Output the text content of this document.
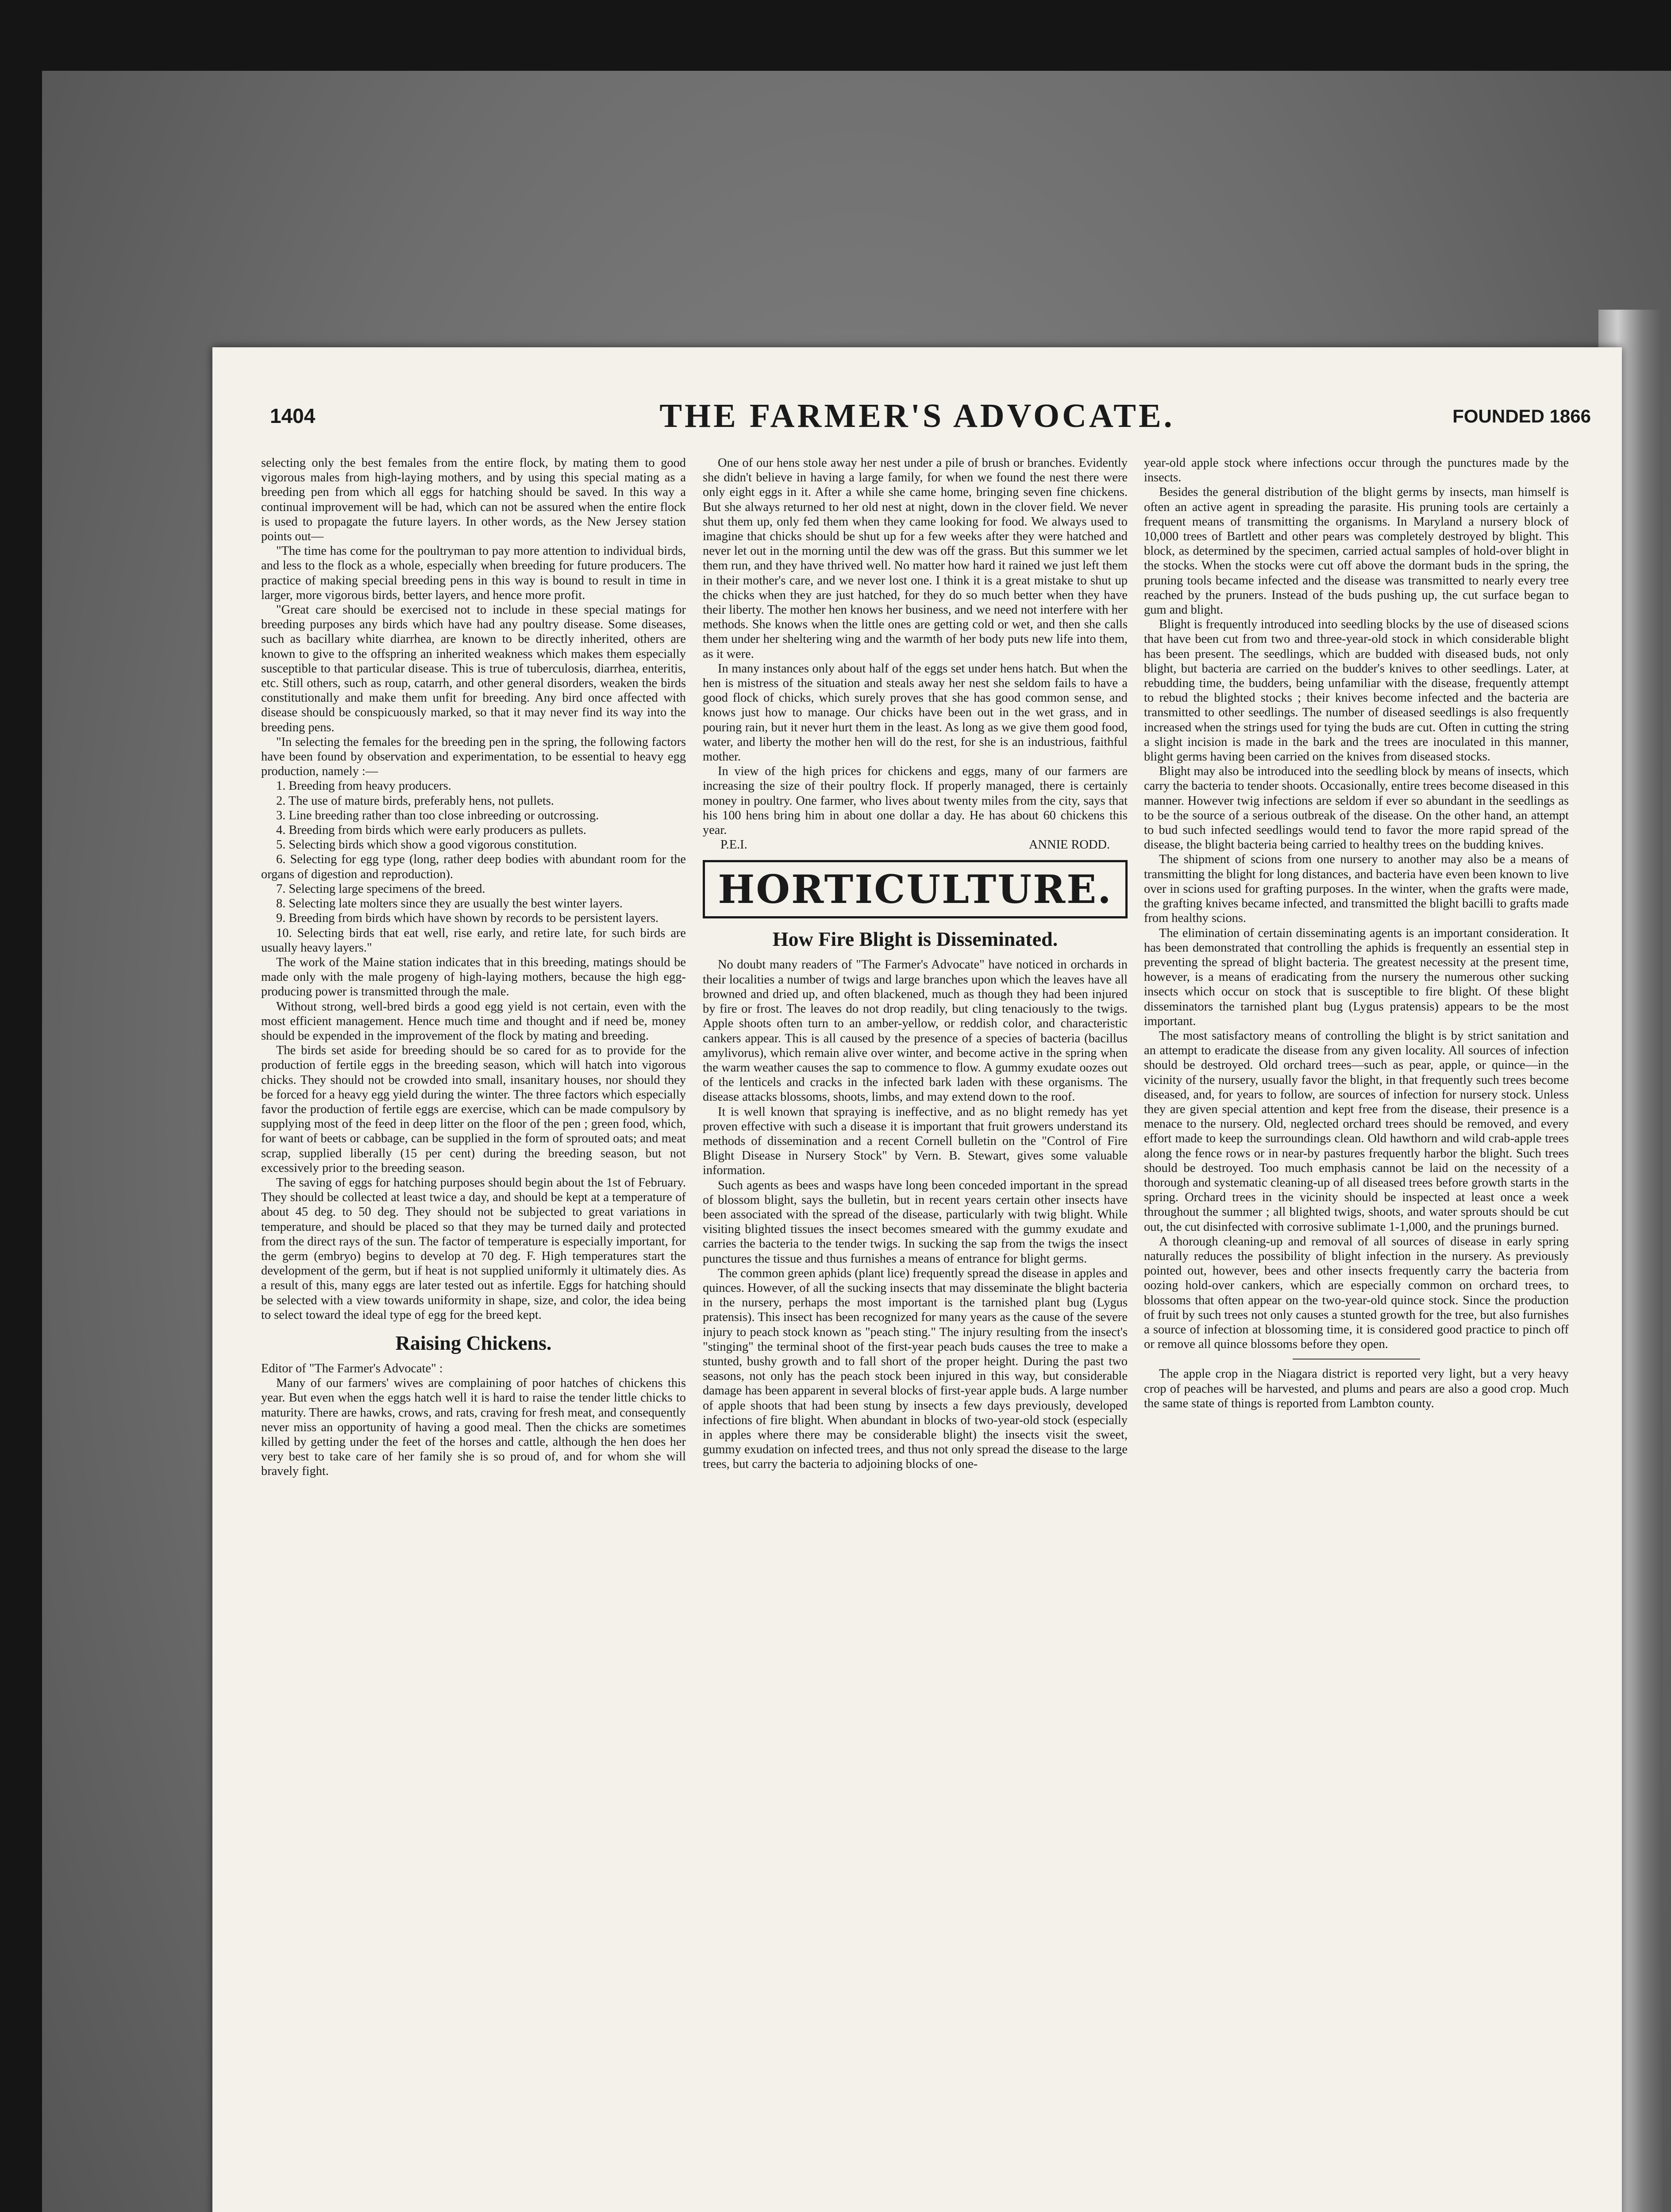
1404	THE FARMER'S ADVOCATE.	FOUNDED 1866

selecting only the best females from the entire flock, by mating them to good vigorous males from high-laying mothers, and by using this special mating as a breeding pen from which all eggs for hatching should be saved. In this way a continual improvement will be had, which can not be assured when the entire flock is used to propagate the future layers. In other words, as the New Jersey station points out—

"The time has come for the poultryman to pay more attention to individual birds, and less to the flock as a whole, especially when breeding for future producers. The practice of making special breeding pens in this way is bound to result in time in larger, more vigorous birds, better layers, and hence more profit.

"Great care should be exercised not to include in these special matings for breeding purposes any birds which have had any poultry disease. Some diseases, such as bacillary white diarrhea, are known to be directly inherited, others are known to give to the offspring an inherited weakness which makes them especially susceptible to that particular disease. This is true of tuberculosis, diarrhea, enteritis, etc. Still others, such as roup, catarrh, and other general disorders, weaken the birds constitutionally and make them unfit for breeding. Any bird once affected with disease should be conspicuously marked, so that it may never find its way into the breeding pens.

"In selecting the females for the breeding pen in the spring, the following factors have been found by observation and experimentation, to be essential to heavy egg production, namely :—

1. Breeding from heavy producers.

2. The use of mature birds, preferably hens, not pullets.

3. Line breeding rather than too close inbreeding or outcrossing.

4. Breeding from birds which were early producers as pullets.

5. Selecting birds which show a good vigorous constitution.

6. Selecting for egg type (long, rather deep bodies with abundant room for the organs of digestion and reproduction).

7. Selecting large specimens of the breed.

8. Selecting late molters since they are usually the best winter layers.

9. Breeding from birds which have shown by records to be persistent layers.

10. Selecting birds that eat well, rise early, and retire late, for such birds are usually heavy layers."

The work of the Maine station indicates that in this breeding, matings should be made only with the male progeny of high-laying mothers, because the high egg-producing power is transmitted through the male.

Without strong, well-bred birds a good egg yield is not certain, even with the most efficient management. Hence much time and thought and if need be, money should be expended in the improvement of the flock by mating and breeding.

The birds set aside for breeding should be so cared for as to provide for the production of fertile eggs in the breeding season, which will hatch into vigorous chicks. They should not be crowded into small, insanitary houses, nor should they be forced for a heavy egg yield during the winter. The three factors which especially favor the production of fertile eggs are exercise, which can be made compulsory by supplying most of the feed in deep litter on the floor of the pen ; green food, which, for want of beets or cabbage, can be supplied in the form of sprouted oats; and meat scrap, supplied liberally (15 per cent) during the breeding season, but not excessively prior to the breeding season.

The saving of eggs for hatching purposes should begin about the 1st of February. They should be collected at least twice a day, and should be kept at a temperature of about 45 deg. to 50 deg. They should not be subjected to great variations in temperature, and should be placed so that they may be turned daily and protected from the direct rays of the sun. The factor of temperature is especially important, for the germ (embryo) begins to develop at 70 deg. F. High temperatures start the development of the germ, but if heat is not supplied uniformly it ultimately dies. As a result of this, many eggs are later tested out as infertile. Eggs for hatching should be selected with a view towards uniformity in shape, size, and color, the idea being to select toward the ideal type of egg for the breed kept.

Raising Chickens.

Editor of "The Farmer's Advocate" :

Many of our farmers' wives are complaining of poor hatches of chickens this year. But even when the eggs hatch well it is hard to raise the tender little chicks to maturity. There are hawks, crows, and rats, craving for fresh meat, and consequently never miss an opportunity of having a good meal. Then the chicks are sometimes killed by getting under the feet of the horses and cattle, although the hen does her very best to take care of her family she is so proud of, and for whom she will bravely fight.

One of our hens stole away her nest under a pile of brush or branches. Evidently she didn't believe in having a large family, for when we found the nest there were only eight eggs in it. After a while she came home, bringing seven fine chickens. But she always returned to her old nest at night, down in the clover field. We never shut them up, only fed them when they came looking for food. We always used to imagine that chicks should be shut up for a few weeks after they were hatched and never let out in the morning until the dew was off the grass. But this summer we let them run, and they have thrived well. No matter how hard it rained we just left them in their mother's care, and we never lost one. I think it is a great mistake to shut up the chicks when they are just hatched, for they do so much better when they have their liberty. The mother hen knows her business, and we need not interfere with her methods. She knows when the little ones are getting cold or wet, and then she calls them under her sheltering wing and the warmth of her body puts new life into them, as it were.

In many instances only about half of the eggs set under hens hatch. But when the hen is mistress of the situation and steals away her nest she seldom fails to have a good flock of chicks, which surely proves that she has good common sense, and knows just how to manage. Our chicks have been out in the wet grass, and in pouring rain, but it never hurt them in the least. As long as we give them good food, water, and liberty the mother hen will do the rest, for she is an industrious, faithful mother.

In view of the high prices for chickens and eggs, many of our farmers are increasing the size of their poultry flock. If properly managed, there is certainly money in poultry. One farmer, who lives about twenty miles from the city, says that his 100 hens bring him in about one dollar a day. He has about 60 chickens this year.

P.E.I.	ANNIE RODD.
HORTICULTURE.
How Fire Blight is Disseminated.

No doubt many readers of "The Farmer's Advocate" have noticed in orchards in their localities a number of twigs and large branches upon which the leaves have all browned and dried up, and often blackened, much as though they had been injured by fire or frost. The leaves do not drop readily, but cling tenaciously to the twigs. Apple shoots often turn to an amber-yellow, or reddish color, and characteristic cankers appear. This is all caused by the presence of a species of bacteria (bacillus amylivorus), which remain alive over winter, and become active in the spring when the warm weather causes the sap to commence to flow. A gummy exudate oozes out of the lenticels and cracks in the infected bark laden with these organisms. The disease attacks blossoms, shoots, limbs, and may extend down to the roof.

It is well known that spraying is ineffective, and as no blight remedy has yet proven effective with such a disease it is important that fruit growers understand its methods of dissemination and a recent Cornell bulletin on the "Control of Fire Blight Disease in Nursery Stock" by Vern. B. Stewart, gives some valuable information.

Such agents as bees and wasps have long been conceded important in the spread of blossom blight, says the bulletin, but in recent years certain other insects have been associated with the spread of the disease, particularly with twig blight. While visiting blighted tissues the insect becomes smeared with the gummy exudate and carries the bacteria to the tender twigs. In sucking the sap from the twigs the insect punctures the tissue and thus furnishes a means of entrance for blight germs.

The common green aphids (plant lice) frequently spread the disease in apples and quinces. However, of all the sucking insects that may disseminate the blight bacteria in the nursery, perhaps the most important is the tarnished plant bug (Lygus pratensis). This insect has been recognized for many years as the cause of the severe injury to peach stock known as "peach sting." The injury resulting from the insect's "stinging" the terminal shoot of the first-year peach buds causes the tree to make a stunted, bushy growth and to fall short of the proper height. During the past two seasons, not only has the peach stock been injured in this way, but considerable damage has been apparent in several blocks of first-year apple buds. A large number of apple shoots that had been stung by insects a few days previously, developed infections of fire blight. When abundant in blocks of two-year-old stock (especially in apples where there may be considerable blight) the insects visit the sweet, gummy exudation on infected trees, and thus not only spread the disease to the large trees, but carry the bacteria to adjoining blocks of one-

year-old apple stock where infections occur through the punctures made by the insects.

Besides the general distribution of the blight germs by insects, man himself is often an active agent in spreading the parasite. His pruning tools are certainly a frequent means of transmitting the organisms. In Maryland a nursery block of 10,000 trees of Bartlett and other pears was completely destroyed by blight. This block, as determined by the specimen, carried actual samples of hold-over blight in the stocks. When the stocks were cut off above the dormant buds in the spring, the pruning tools became infected and the disease was transmitted to nearly every tree reached by the pruners. Instead of the buds pushing up, the cut surface began to gum and blight.

Blight is frequently introduced into seedling blocks by the use of diseased scions that have been cut from two and three-year-old stock in which considerable blight has been present. The seedlings, which are budded with diseased buds, not only blight, but bacteria are carried on the budder's knives to other seedlings. Later, at rebudding time, the budders, being unfamiliar with the disease, frequently attempt to rebud the blighted stocks ; their knives become infected and the bacteria are transmitted to other seedlings. The number of diseased seedlings is also frequently increased when the strings used for tying the buds are cut. Often in cutting the string a slight incision is made in the bark and the trees are inoculated in this manner, blight germs having been carried on the knives from diseased stocks.

Blight may also be introduced into the seedling block by means of insects, which carry the bacteria to tender shoots. Occasionally, entire trees become diseased in this manner. However twig infections are seldom if ever so abundant in the seedlings as to be the source of a serious outbreak of the disease. On the other hand, an attempt to bud such infected seedlings would tend to favor the more rapid spread of the disease, the blight bacteria being carried to healthy trees on the budding knives.

The shipment of scions from one nursery to another may also be a means of transmitting the blight for long distances, and bacteria have even been known to live over in scions used for grafting purposes. In the winter, when the grafts were made, the grafting knives became infected, and transmitted the blight bacilli to grafts made from healthy scions.

The elimination of certain disseminating agents is an important consideration. It has been demonstrated that controlling the aphids is frequently an essential step in preventing the spread of blight bacteria. The greatest necessity at the present time, however, is a means of eradicating from the nursery the numerous other sucking insects which occur on stock that is susceptible to fire blight. Of these blight disseminators the tarnished plant bug (Lygus pratensis) appears to be the most important.

The most satisfactory means of controlling the blight is by strict sanitation and an attempt to eradicate the disease from any given locality. All sources of infection should be destroyed. Old orchard trees—such as pear, apple, or quince—in the vicinity of the nursery, usually favor the blight, in that frequently such trees become diseased, and, for years to follow, are sources of infection for nursery stock. Unless they are given special attention and kept free from the disease, their presence is a menace to the nursery. Old, neglected orchard trees should be removed, and every effort made to keep the surroundings clean. Old hawthorn and wild crab-apple trees along the fence rows or in near-by pastures frequently harbor the blight. Such trees should be destroyed. Too much emphasis cannot be laid on the necessity of a thorough and systematic cleaning-up of all diseased trees before growth starts in the spring. Orchard trees in the vicinity should be inspected at least once a week throughout the summer ; all blighted twigs, shoots, and water sprouts should be cut out, the cut disinfected with corrosive sublimate 1-1,000, and the prunings burned.

A thorough cleaning-up and removal of all sources of disease in early spring naturally reduces the possibility of blight infection in the nursery. As previously pointed out, however, bees and other insects frequently carry the bacteria from oozing hold-over cankers, which are especially common on orchard trees, to blossoms that often appear on the two-year-old quince stock. Since the production of fruit by such trees not only causes a stunted growth for the tree, but also furnishes a source of infection at blossoming time, it is considered good practice to pinch off or remove all quince blossoms before they open.

The apple crop in the Niagara district is reported very light, but a very heavy crop of peaches will be harvested, and plums and pears are also a good crop. Much the same state of things is reported from Lambton county.
